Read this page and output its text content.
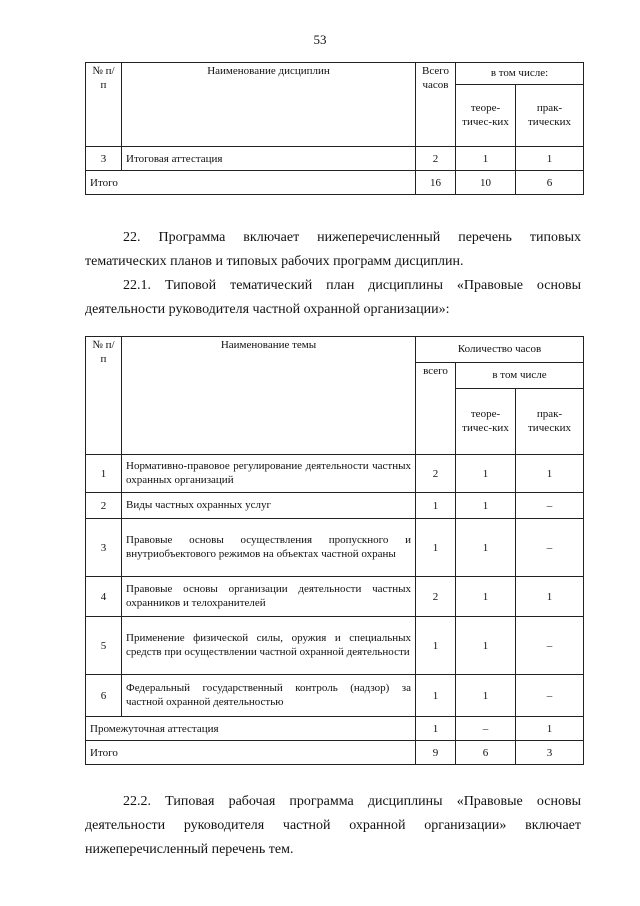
53
№ п/п	Наименование дисциплин	Всего часов	в том числе:	
			теоре-тичес-ких	прак-тических
3	Итоговая аттестация	2	1	1
Итого		16	10	6

22. Программа включает нижеперечисленный перечень типовых тематических планов и типовых рабочих программ дисциплин.

22.1. Типовой тематический план дисциплины «Правовые основы деятельности руководителя частной охранной организации»:

№ п/п	Наименование темы	Количество часов		
		всего	в том числе	
			теоре-тичес-ких	прак-тических
1	Нормативно-правовое регулирование деятельности частных охранных организаций	2	1	1
2	Виды частных охранных услуг	1	1	–
3	Правовые основы осуществления пропускного и внутриобъектового режимов на объектах частной охраны	1	1	–
4	Правовые основы организации деятельности частных охранников и телохранителей	2	1	1
5	Применение физической силы, оружия и специальных средств при осуществлении частной охранной деятельности	1	1	–
6	Федеральный государственный контроль (надзор) за частной охранной деятельностью	1	1	–
Промежуточная аттестация		1	–	1
Итого		9	6	3

22.2. Типовая рабочая программа дисциплины «Правовые основы деятельности руководителя частной охранной организации» включает нижеперечисленный перечень тем.
